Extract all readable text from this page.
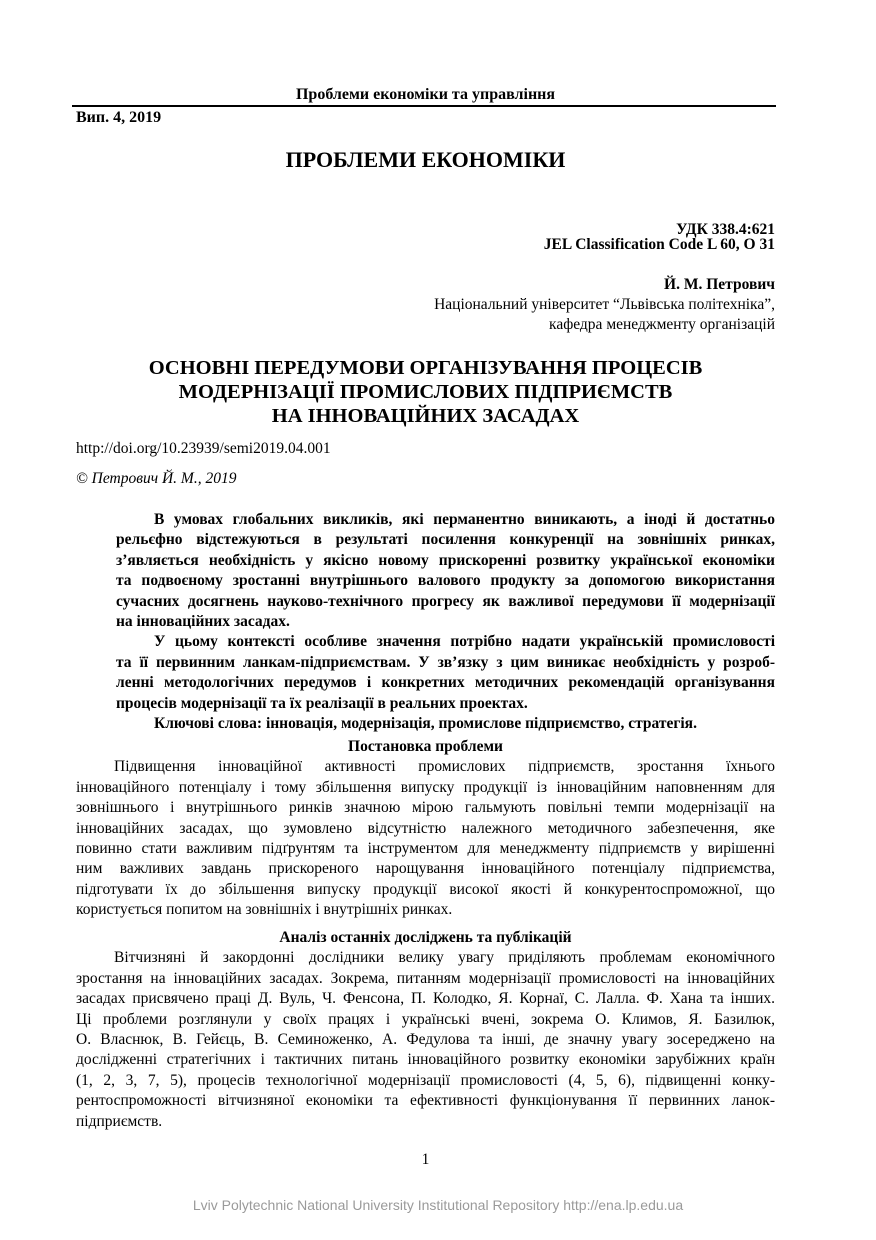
Проблеми економіки та управління
Вип. 4, 2019
ПРОБЛЕМИ ЕКОНОМІКИ
УДК 338.4:621
JEL Classification Code L 60, O 31
Й. М. Петрович
Національний університет “Львівська політехніка”,
кафедра менеджменту організацій
ОСНОВНІ ПЕРЕДУМОВИ ОРГАНІЗУВАННЯ ПРОЦЕСІВ
МОДЕРНІЗАЦІЇ ПРОМИСЛОВИХ ПІДПРИЄМСТВ
НА ІННОВАЦІЙНИХ ЗАСАДАХ
http://doi.org/10.23939/semi2019.04.001
© Петрович Й. М., 2019
В умовах глобальних викликів, які перманентно виникають, а іноді й достатньо
рельєфно відстежуються в результаті посилення конкуренції на зовнішніх ринках,
з’являється необхідність у якісно новому прискоренні розвитку української економіки
та подвоєному зростанні внутрішнього валового продукту за допомогою використання
сучасних досягнень науково-технічного прогресу як важливої передумови її модернізації
на інноваційних засадах.
У цьому контексті особливе значення потрібно надати українській промисловості
та її первинним ланкам-підприємствам. У зв’язку з цим виникає необхідність у розроб-
ленні методологічних передумов і конкретних методичних рекомендацій організування
процесів модернізації та їх реалізації в реальних проектах.
Ключові слова: інновація, модернізація, промислове підприємство, стратегія.
Постановка проблеми
Підвищення інноваційної активності промислових підприємств, зростання їхнього
інноваційного потенціалу і тому збільшення випуску продукції із інноваційним наповненням для
зовнішнього і внутрішнього ринків значною мірою гальмують повільні темпи модернізації на
інноваційних засадах, що зумовлено відсутністю належного методичного забезпечення, яке
повинно стати важливим підґрунтям та інструментом для менеджменту підприємств у вирішенні
ним важливих завдань прискореного нарощування інноваційного потенціалу підприємства,
підготувати їх до збільшення випуску продукції високої якості й конкурентоспроможної, що
користується попитом на зовнішніх і внутрішніх ринках.
Аналіз останніх досліджень та публікацій
Вітчизняні й закордонні дослідники велику увагу приділяють проблемам економічного
зростання на інноваційних засадах. Зокрема, питанням модернізації промисловості на інноваційних
засадах присвячено праці Д. Вуль, Ч. Фенсона, П. Колодко, Я. Корнаї, С. Лалла. Ф. Хана та інших.
Ці проблеми розглянули у своїх працях і українські вчені, зокрема О. Климов, Я. Базилюк,
О. Власнюк, В. Гейєць, В. Семиноженко, А. Федулова та інші, де значну увагу зосереджено на
дослідженні стратегічних і тактичних питань інноваційного розвитку економіки зарубіжних країн
(1, 2, 3, 7, 5), процесів технологічної модернізації промисловості (4, 5, 6), підвищенні конку-
рентоспроможності вітчизняної економіки та ефективності функціонування її первинних ланок-
підприємств.
1
Lviv Polytechnic National University Institutional Repository http://ena.lp.edu.ua
